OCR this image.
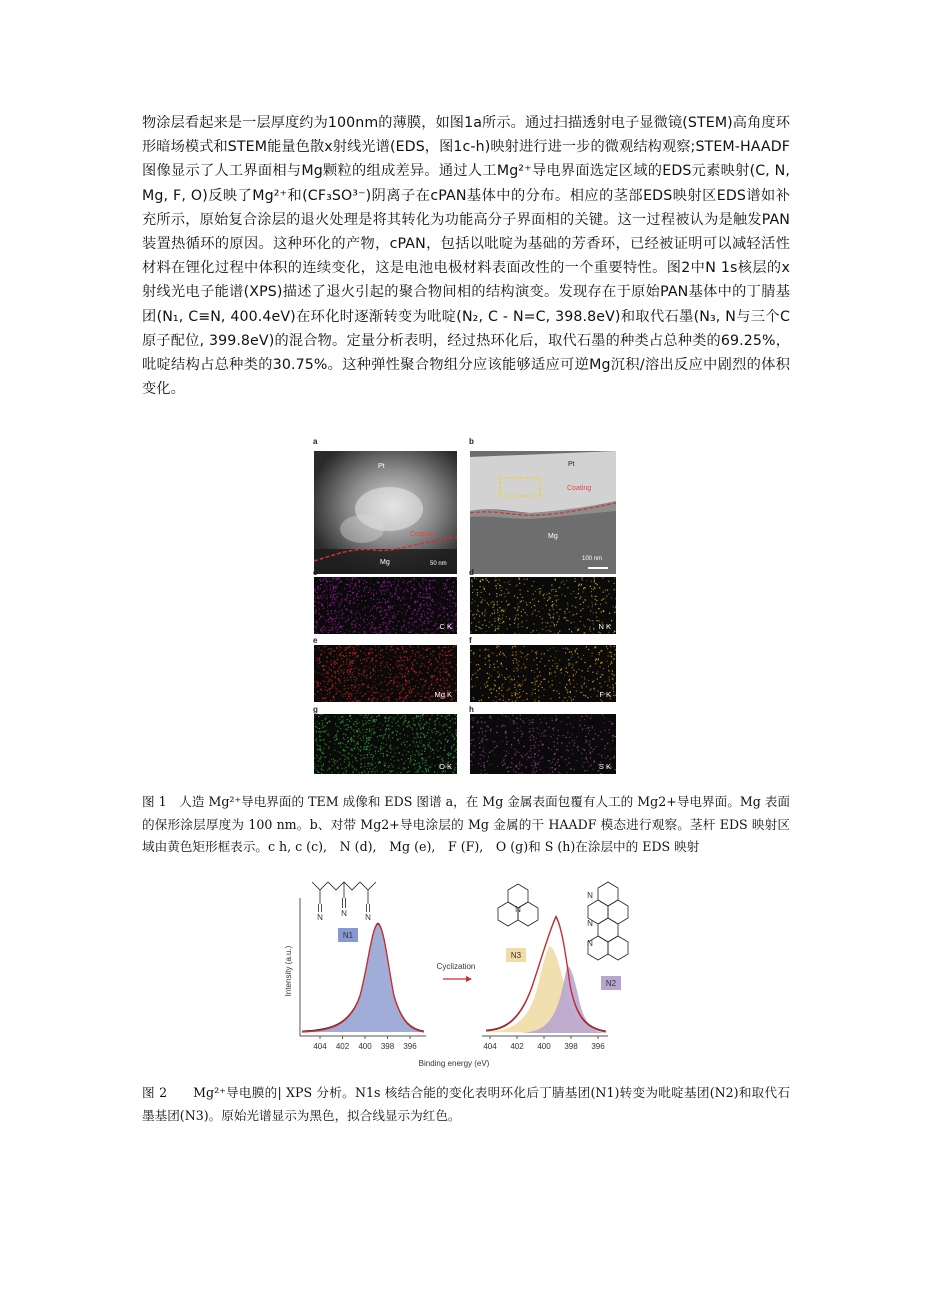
物涂层看起来是一层厚度约为100nm的薄膜，如图1a所示。通过扫描透射电子显微镜(STEM)高角度环形暗场模式和STEM能量色散x射线光谱(EDS，图1c-h)映射进行进一步的微观结构观察;STEM-HAADF图像显示了人工界面相与Mg颗粒的组成差异。通过人工Mg²⁺导电界面选定区域的EDS元素映射(C, N, Mg, F, O)反映了Mg²⁺和(CF₃SO³⁻)阴离子在cPAN基体中的分布。相应的茎部EDS映射区EDS谱如补充所示，原始复合涂层的退火处理是将其转化为功能高分子界面相的关键。这一过程被认为是触发PAN装置热循环的原因。这种环化的产物，cPAN，包括以吡啶为基础的芳香环，已经被证明可以减轻活性材料在锂化过程中体积的连续变化，这是电池电极材料表面改性的一个重要特性。图2中N 1s核层的x射线光电子能谱(XPS)描述了退火引起的聚合物间相的结构演变。发现存在于原始PAN基体中的丁腈基团(N₁, C≡N, 400.4eV)在环化时逐渐转变为吡啶(N₂, C - N=C, 398.8eV)和取代石墨(N₃, N与三个C原子配位, 399.8eV)的混合物。定量分析表明，经过热环化后，取代石墨的种类占总种类的69.25%，吡啶结构占总种类的30.75%。这种弹性聚合物组分应该能够适应可逆Mg沉积/溶出反应中剧烈的体积变化。

a
Pt
Coating
Mg	50 nm
b
Pt
Coating
Mg
100 nm
c
C K
d
N K
e
Mg K
f
F K
g
O K
h
S K
图 1　人造 Mg²⁺导电界面的 TEM 成像和 EDS 图谱 a，在 Mg 金属表面包覆有人工的 Mg2+导电界面。Mg 表面的保形涂层厚度为 100 nm。b、对带 Mg2+导电涂层的 Mg 金属的干 HAADF 模态进行观察。茎杆 EDS 映射区域由黄色矩形框表示。c h, c (c),　N (d),　Mg (e),　F (F),　O (g)和 S (h)在涂层中的 EDS 映射
N N N
N1
Intensity (a.u.)
404 402 400 398 396
Cyclization
404 402 400 398 396
N
N3
N
N
N
N2
Binding energy (eV)
图 2　　Mg²⁺导电膜的| XPS 分析。N1s 核结合能的变化表明环化后丁腈基团(N1)转变为吡啶基团(N2)和取代石墨基团(N3)。原始光谱显示为黑色，拟合线显示为红色。
